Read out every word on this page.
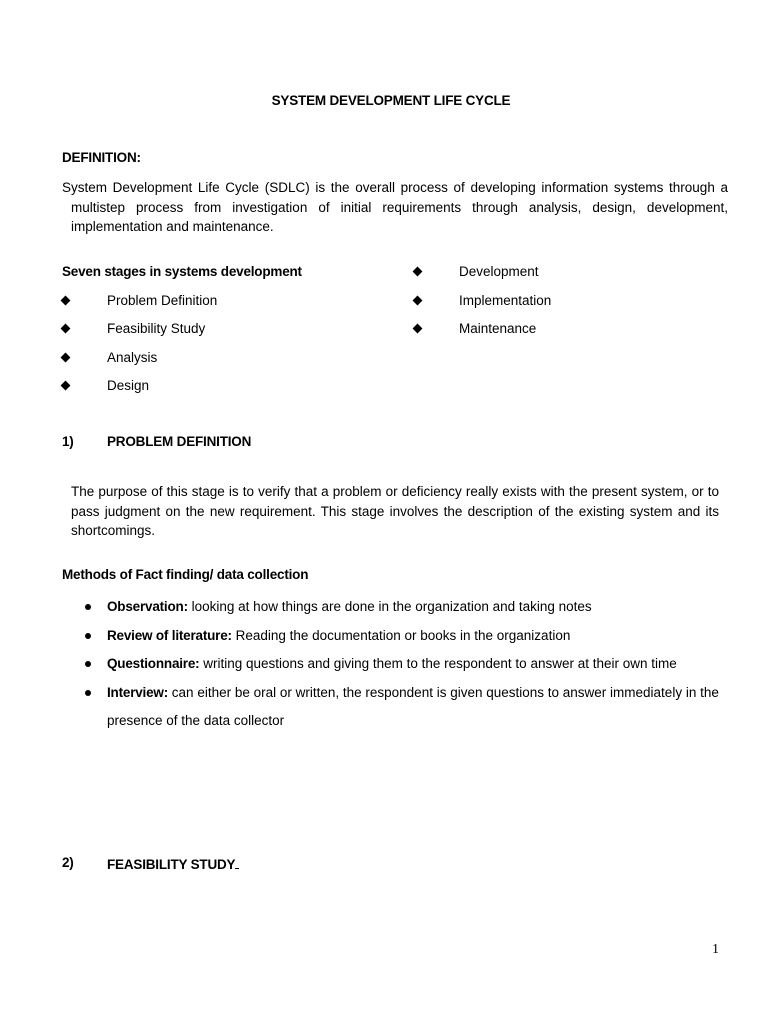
SYSTEM DEVELOPMENT LIFE CYCLE
DEFINITION:
System Development Life Cycle (SDLC) is the overall process of developing information systems through a multistep process from investigation of initial requirements through analysis, design, development, implementation and maintenance.
Seven stages in systems development
Problem Definition
Feasibility Study
Analysis
Design
Development
Implementation
Maintenance
1) PROBLEM DEFINITION
The purpose of this stage is to verify that a problem or deficiency really exists with the present system, or to pass judgment on the new requirement. This stage involves the description of the existing system and its shortcomings.
Methods of Fact finding/ data collection
Observation: looking at how things are done in the organization and taking notes
Review of literature: Reading the documentation or books in the organization
Questionnaire: writing questions and giving them to the respondent to answer at their own time
Interview: can either be oral or written, the respondent is given questions to answer immediately in the presence of the data collector
2) FEASIBILITY STUDY
1
